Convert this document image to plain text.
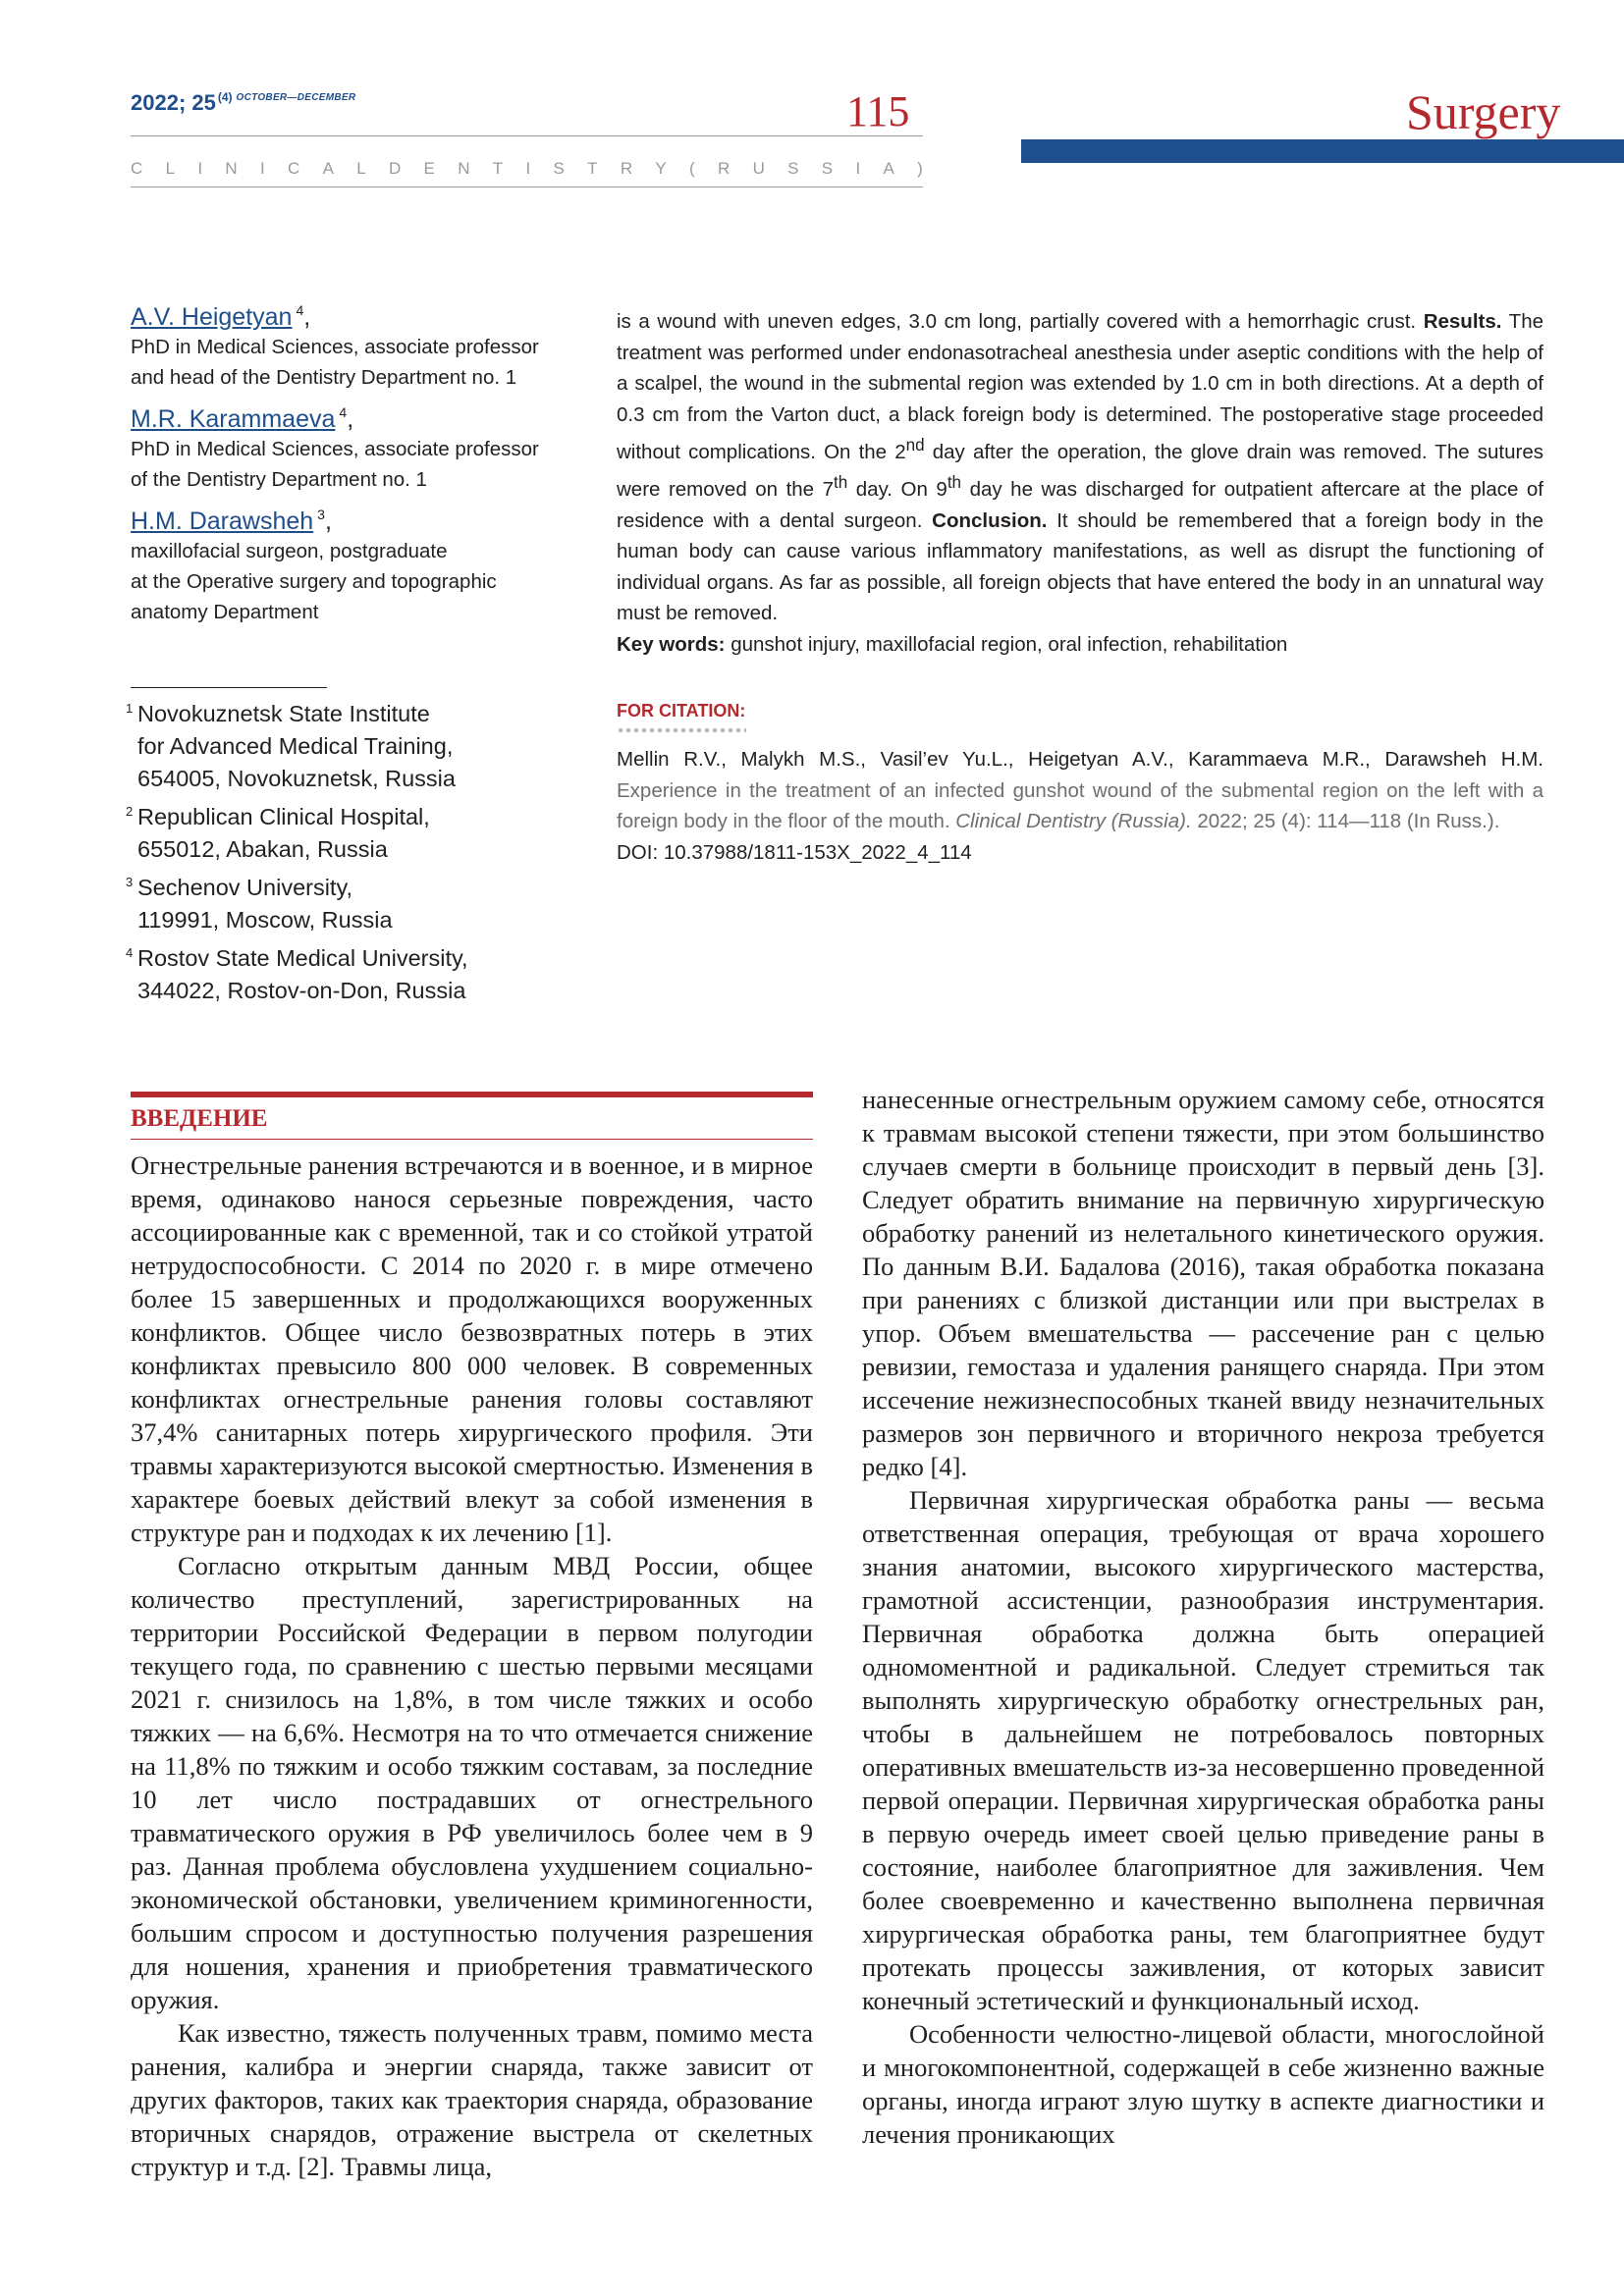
2022; 25 $^{(4)}$ $^{OCTOBER—DECEMBER}$	115
C L I N I C A L D E N T I S T R Y ( R U S S I A )
Surgery
A.V. Heigetyan $^4$,
PhD in Medical Sciences, associate professor
and head of the Dentistry Department no. 1
M.R. Karammaeva $^4$,
PhD in Medical Sciences, associate professor
of the Dentistry Department no. 1
H.M. Darawsheh $^3$,
maxillofacial surgeon, postgraduate
at the Operative surgery and topographic
anatomy Department
1 Novokuznetsk State Institute
for Advanced Medical Training,
654005, Novokuznetsk, Russia
2 Republican Clinical Hospital,
655012, Abakan, Russia
3 Sechenov University,
119991, Moscow, Russia
4 Rostov State Medical University,
344022, Rostov-on-Don, Russia
is a wound with uneven edges, 3.0 cm long, partially covered with a hemorrhagic crust. Results. The treatment was performed under endonasotracheal anesthesia under aseptic conditions with the help of a scalpel, the wound in the submental region was extended by 1.0 cm in both directions. At a depth of 0.3 cm from the Varton duct, a black foreign body is determined. The postoperative stage proceeded without complications. On the 2nd day after the operation, the glove drain was removed. The sutures were removed on the 7th day. On 9th day he was discharged for outpatient aftercare at the place of residence with a dental surgeon. Conclusion. It should be remembered that a foreign body in the human body can cause various inflammatory manifestations, as well as disrupt the functioning of individual organs. As far as possible, all foreign objects that have entered the body in an unnatural way must be removed.
Key words: gunshot injury, maxillofacial region, oral infection, rehabilitation
FOR CITATION:
Mellin R.V., Malykh M.S., Vasil’ev Yu.L., Heigetyan A.V., Karammaeva M.R., Darawsheh H.M. Experience in the treatment of an infected gunshot wound of the submental region on the left with a foreign body in the floor of the mouth. Clinical Dentistry (Russia). 2022; 25 (4): 114—118 (In Russ.).
DOI: 10.37988/1811-153X_2022_4_114
ВВЕДЕНИЕ

Огнестрельные ранения встречаются и в военное, и в мирное время, одинаково нанося серьезные повреждения, часто ассоциированные как с временной, так и со стойкой утратой нетрудоспособности. С 2014 по 2020 г. в мире отмечено более 15 завершенных и продолжающихся вооруженных конфликтов. Общее число безвозвратных потерь в этих конфликтах превысило 800 000 человек. В современных конфликтах огнестрельные ранения головы составляют 37,4% санитарных потерь хирургического профиля. Эти травмы характеризуются высокой смертностью. Изменения в характере боевых действий влекут за собой изменения в структуре ран и подходах к их лечению [1].

Согласно открытым данным МВД России, общее количество преступлений, зарегистрированных на территории Российской Федерации в первом полугодии текущего года, по сравнению с шестью первыми месяцами 2021 г. снизилось на 1,8%, в том числе тяжких и особо тяжких — на 6,6%. Несмотря на то что отмечается снижение на 11,8% по тяжким и особо тяжким составам, за последние 10 лет число пострадавших от огнестрельного травматического оружия в РФ увеличилось более чем в 9 раз. Данная проблема обусловлена ухудшением социально-экономической обстановки, увеличением криминогенности, большим спросом и доступностью получения разрешения для ношения, хранения и приобретения травматического оружия.

Как известно, тяжесть полученных травм, помимо места ранения, калибра и энергии снаряда, также зависит от других факторов, таких как траектория снаряда, образование вторичных снарядов, отражение выстрела от скелетных структур и т.д. [2]. Травмы лица,

нанесенные огнестрельным оружием самому себе, относятся к травмам высокой степени тяжести, при этом большинство случаев смерти в больнице происходит в первый день [3]. Следует обратить внимание на первичную хирургическую обработку ранений из нелетального кинетического оружия. По данным В.И. Бадалова (2016), такая обработка показана при ранениях с близкой дистанции или при выстрелах в упор. Объем вмешательства — рассечение ран с целью ревизии, гемостаза и удаления ранящего снаряда. При этом иссечение нежизнеспособных тканей ввиду незначительных размеров зон первичного и вторичного некроза требуется редко [4].

Первичная хирургическая обработка раны — весьма ответственная операция, требующая от врача хорошего знания анатомии, высокого хирургического мастерства, грамотной ассистенции, разнообразия инструментария. Первичная обработка должна быть операцией одномоментной и радикальной. Следует стремиться так выполнять хирургическую обработку огнестрельных ран, чтобы в дальнейшем не потребовалось повторных оперативных вмешательств из-за несовершенно проведенной первой операции. Первичная хирургическая обработка раны в первую очередь имеет своей целью приведение раны в состояние, наиболее благоприятное для заживления. Чем более своевременно и качественно выполнена первичная хирургическая обработка раны, тем благоприятнее будут протекать процессы заживления, от которых зависит конечный эстетический и функциональный исход.

Особенности челюстно-лицевой области, многослойной и многокомпонентной, содержащей в себе жизненно важные органы, иногда играют злую шутку в аспекте диагностики и лечения проникающих
